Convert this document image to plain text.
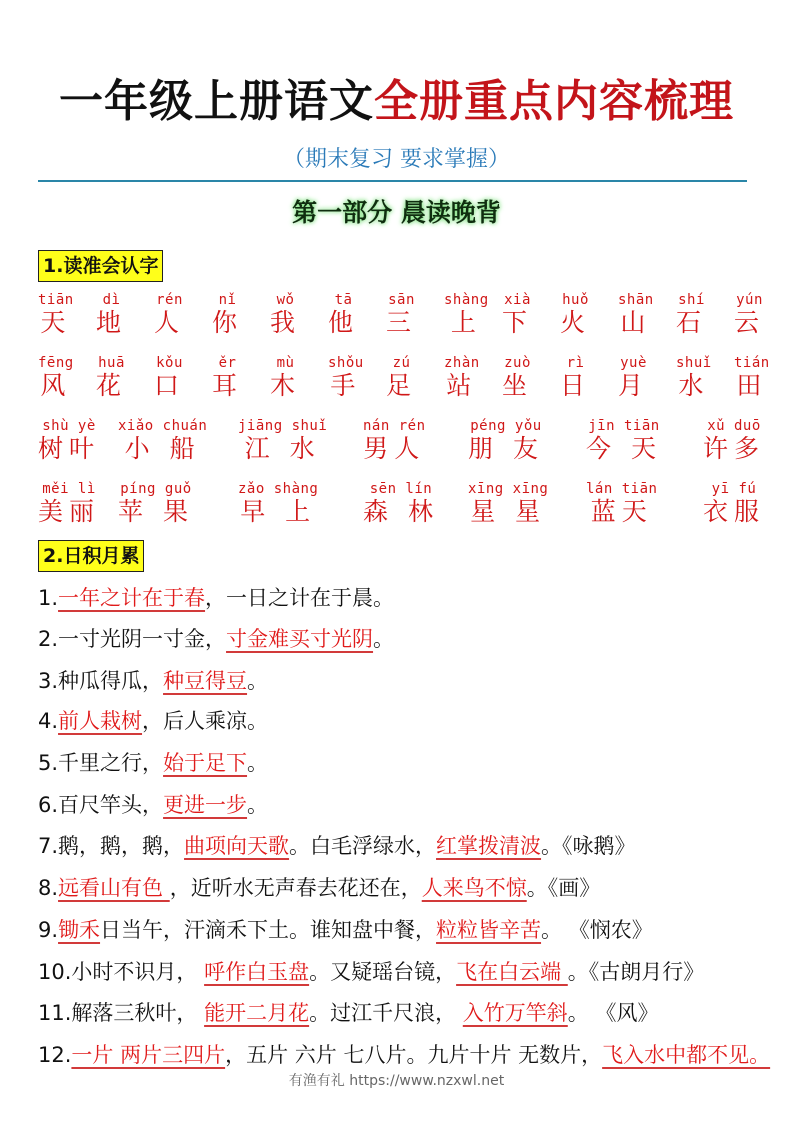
一年级上册语文全册重点内容梳理
（期末复习 要求掌握）
第一部分 晨读晚背
1.读准会认字
tiān
天
dì
地
rén
人
nǐ
你
wǒ
我
tā
他
sān
三
shàng
上
xià
下
huǒ
火
shān
山
shí
石
yún
云
fēng
风
huā
花
kǒu
口
ěr
耳
mù
木
shǒu
手
zú
足
zhàn
站
zuò
坐
rì
日
yuè
月
shuǐ
水
tián
田
shù yè
树叶
xiǎo chuán
小 船
jiāng shuǐ
江 水
nán rén
男人
péng yǒu
朋 友
jīn tiān
今 天
xǔ duō
许多
měi lì
美丽
píng guǒ
苹 果
zǎo shàng
早 上
sēn lín
森 林
xīng xīng
星 星
lán tiān
蓝天
yī fú
衣服
2.日积月累
1.一年之计在于春，一日之计在于晨。
2.一寸光阴一寸金，寸金难买寸光阴。
3.种瓜得瓜，种豆得豆。
4.前人栽树，后人乘凉。
5.千里之行，始于足下。
6.百尺竿头，更进一步。
7.鹅，鹅，鹅，曲项向天歌。白毛浮绿水，红掌拨清波。《咏鹅》
8.远看山有色 ，近听水无声春去花还在，人来鸟不惊。《画》
9.锄禾日当午，汗滴禾下土。谁知盘中餐，粒粒皆辛苦。 《悯农》
10.小时不识月， 呼作白玉盘。又疑瑶台镜，飞在白云端 。《古朗月行》
11.解落三秋叶， 能开二月花。过江千尺浪， 入竹万竿斜。 《风》
12.一片 两片三四片，五片 六片 七八片。九片十片 无数片，飞入水中都不见。
有渔有礼 https://www.nzxwl.net
